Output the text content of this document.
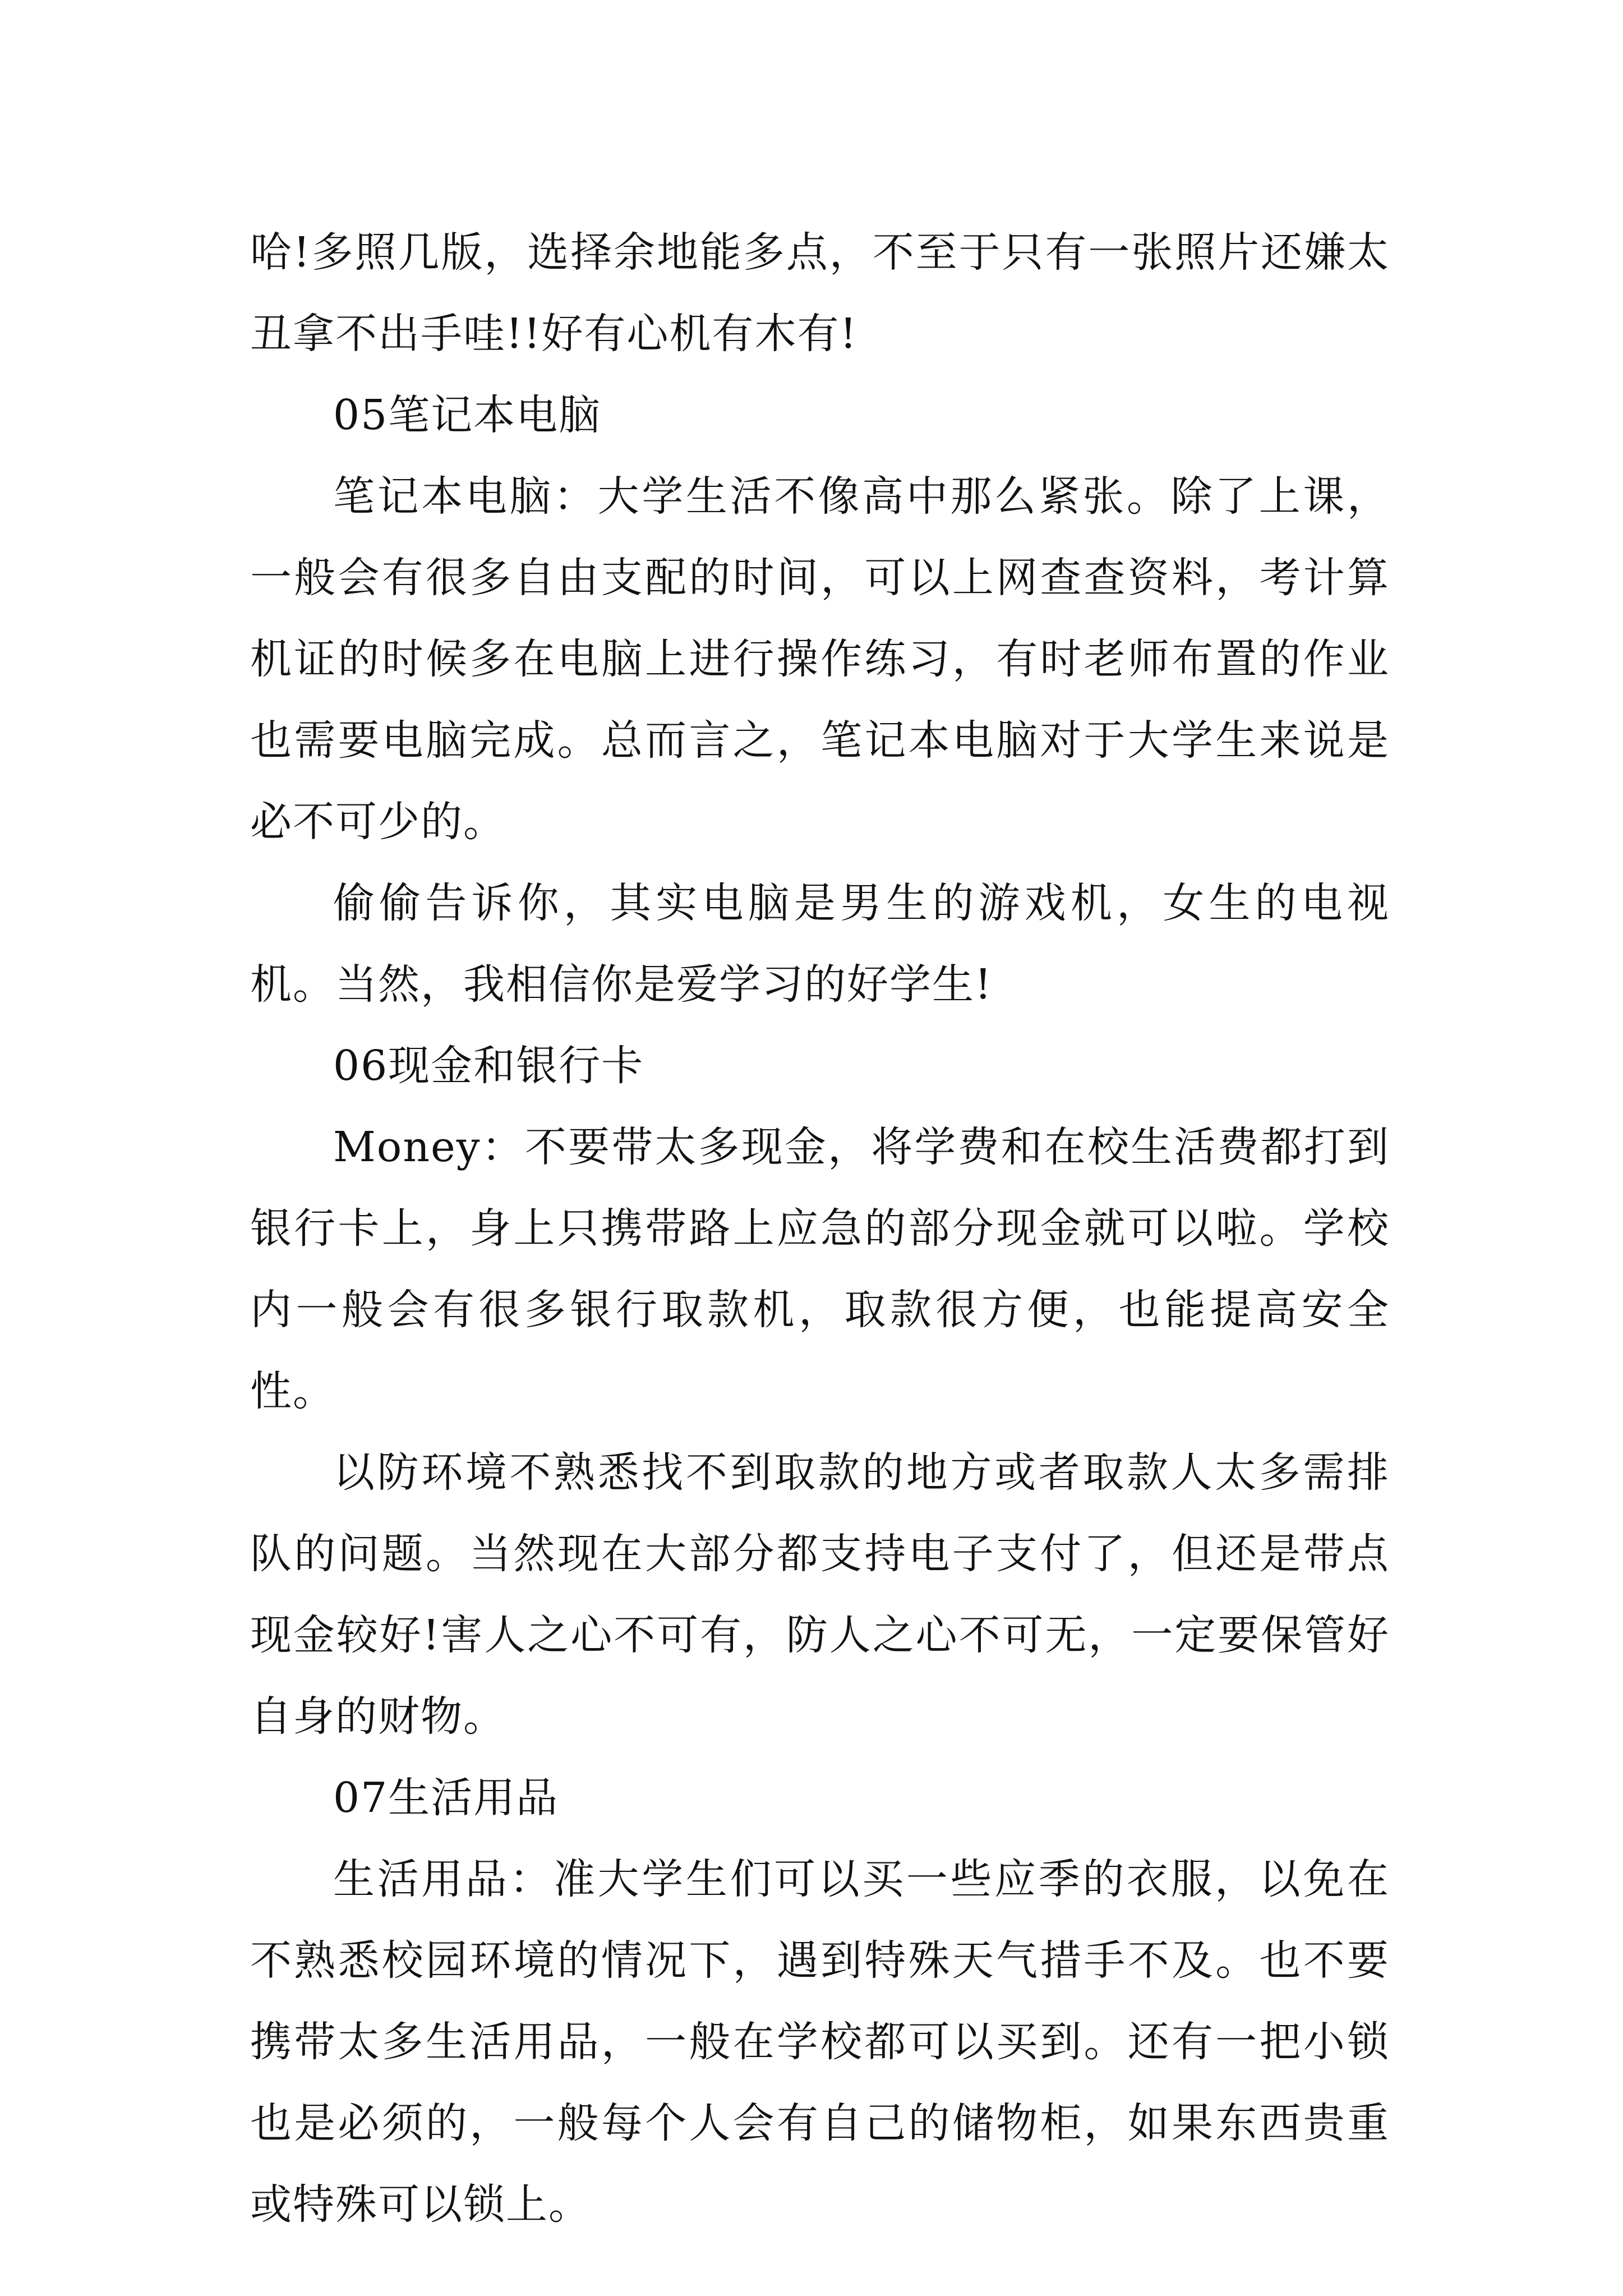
哈!多照几版，选择余地能多点，不至于只有一张照片还嫌太丑拿不出手哇!!好有心机有木有!

05笔记本电脑

笔记本电脑：大学生活不像高中那么紧张。除了上课，一般会有很多自由支配的时间，可以上网查查资料，考计算机证的时候多在电脑上进行操作练习，有时老师布置的作业也需要电脑完成。总而言之，笔记本电脑对于大学生来说是必不可少的。

偷偷告诉你，其实电脑是男生的游戏机，女生的电视机。当然，我相信你是爱学习的好学生!

06现金和银行卡

Money：不要带太多现金，将学费和在校生活费都打到银行卡上，身上只携带路上应急的部分现金就可以啦。学校内一般会有很多银行取款机，取款很方便，也能提高安全性。

以防环境不熟悉找不到取款的地方或者取款人太多需排队的问题。当然现在大部分都支持电子支付了，但还是带点现金较好!害人之心不可有，防人之心不可无，一定要保管好自身的财物。

07生活用品

生活用品：准大学生们可以买一些应季的衣服，以免在不熟悉校园环境的情况下，遇到特殊天气措手不及。也不要携带太多生活用品，一般在学校都可以买到。还有一把小锁也是必须的，一般每个人会有自己的储物柜，如果东西贵重或特殊可以锁上。
